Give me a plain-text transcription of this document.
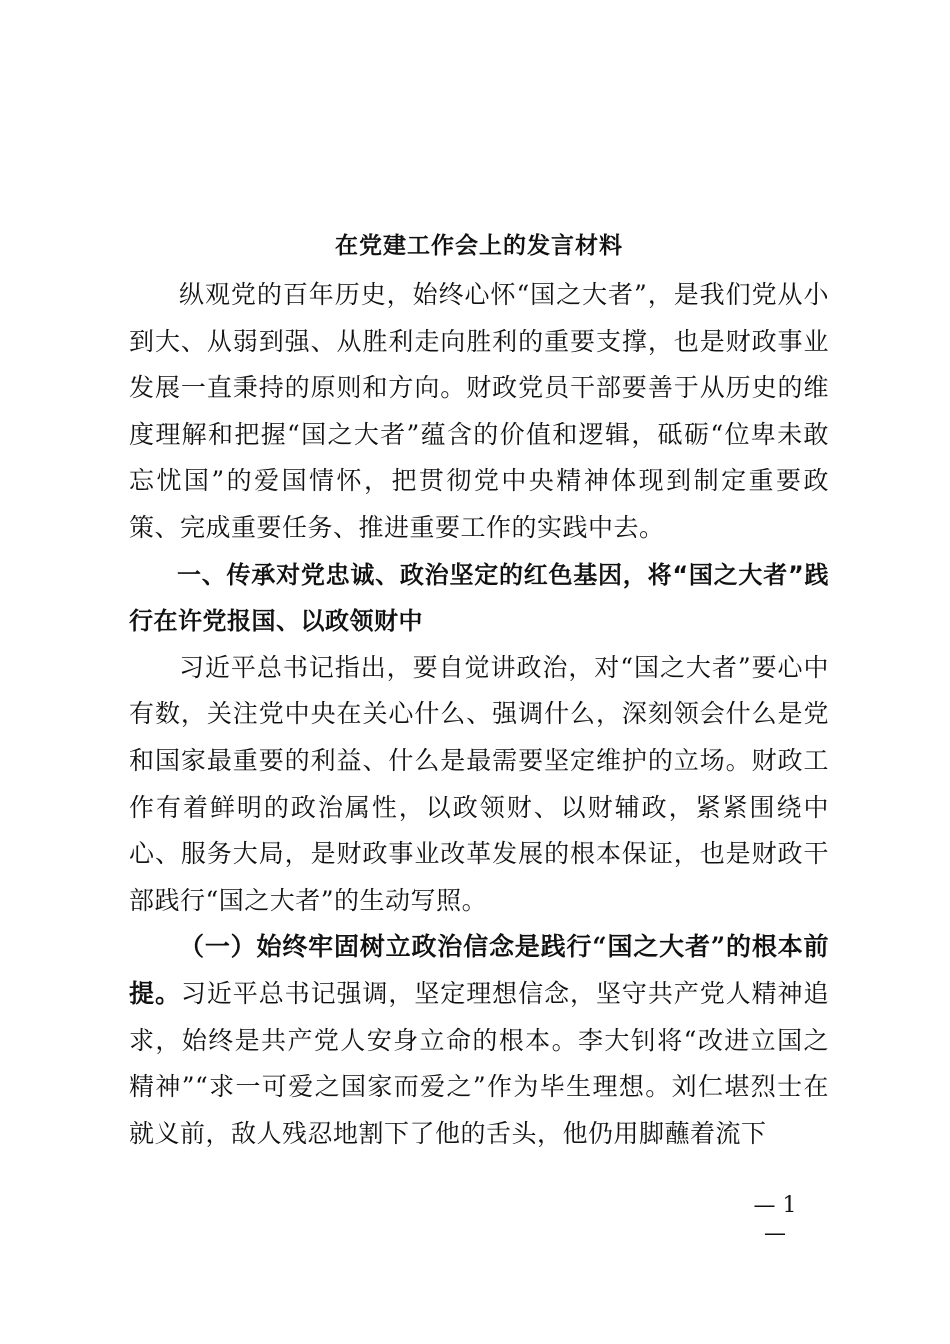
在党建工作会上的发言材料

纵观党的百年历史，始终心怀“国之大者”，是我们党从小到大、从弱到强、从胜利走向胜利的重要支撑，也是财政事业发展一直秉持的原则和方向。财政党员干部要善于从历史的维度理解和把握“国之大者”蕴含的价值和逻辑，砥砺“位卑未敢忘忧国”的爱国情怀，把贯彻党中央精神体现到制定重要政策、完成重要任务、推进重要工作的实践中去。

一、传承对党忠诚、政治坚定的红色基因，将“国之大者”践行在许党报国、以政领财中

习近平总书记指出，要自觉讲政治，对“国之大者”要心中有数，关注党中央在关心什么、强调什么，深刻领会什么是党和国家最重要的利益、什么是最需要坚定维护的立场。财政工作有着鲜明的政治属性，以政领财、以财辅政，紧紧围绕中心、服务大局，是财政事业改革发展的根本保证，也是财政干部践行“国之大者”的生动写照。

（一）始终牢固树立政治信念是践行“国之大者”的根本前提。习近平总书记强调，坚定理想信念，坚守共产党人精神追求，始终是共产党人安身立命的根本。李大钊将“改进立国之精神”“求一可爱之国家而爱之”作为毕生理想。刘仁堪烈士在就义前，敌人残忍地割下了他的舌头，他仍用脚蘸着流下

— 1 —
